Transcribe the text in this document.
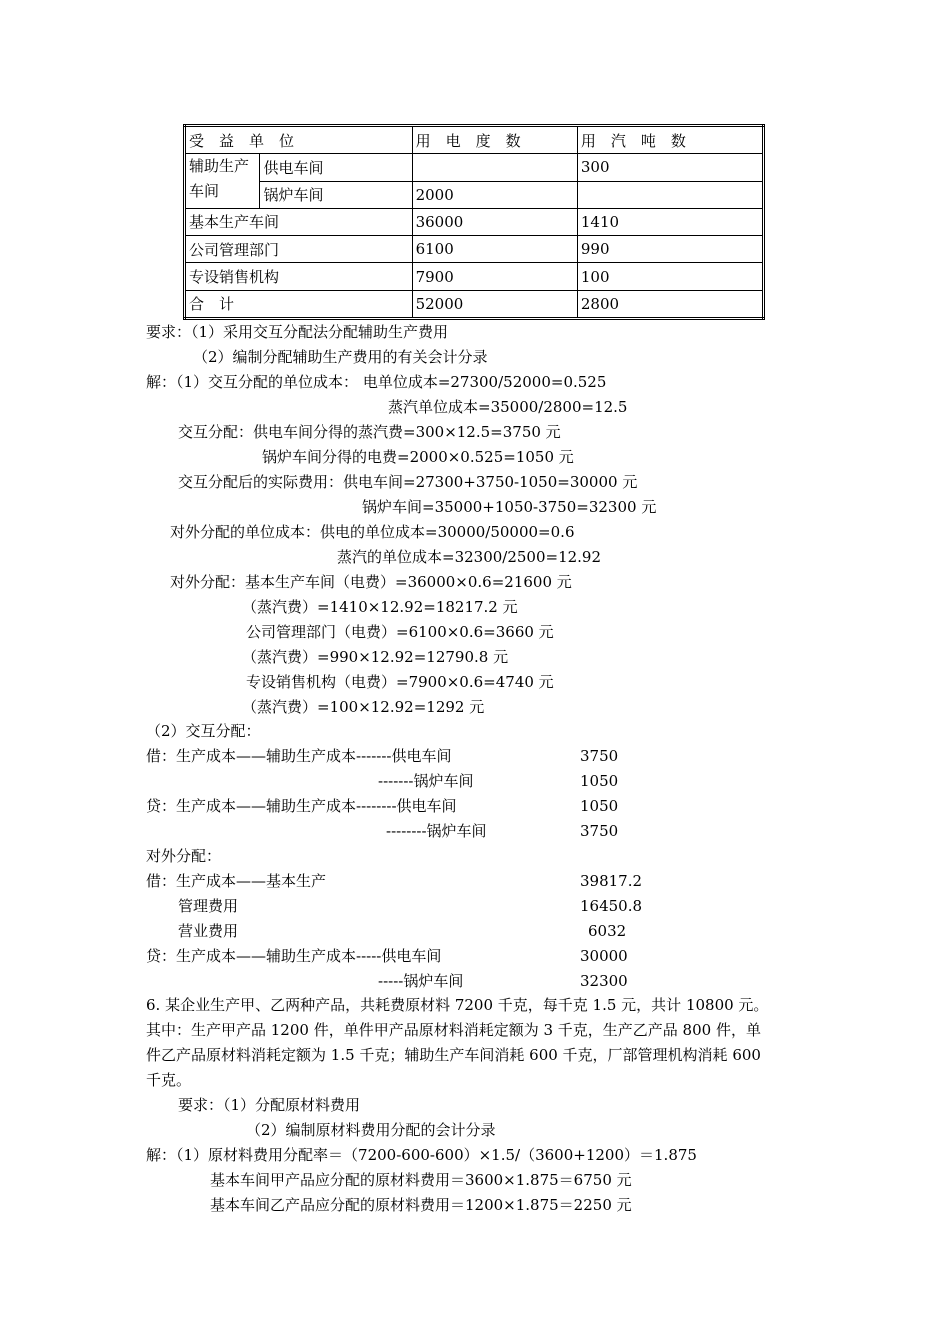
受　益　单　位		用　电　度　数	用　汽　吨　数
辅助生产车间	供电车间		300
	锅炉车间	2000	
基本生产车间		36000	1410
公司管理部门		6100	990
专设销售机构		7900	100
合　计		52000	2800
要求：（1）采用交互分配法分配辅助生产费用
（2）编制分配辅助生产费用的有关会计分录
解：（1）交互分配的单位成本： 电单位成本=27300/52000=0.525
蒸汽单位成本=35000/2800=12.5
交互分配：供电车间分得的蒸汽费=300×12.5=3750 元
锅炉车间分得的电费=2000×0.525=1050 元
交互分配后的实际费用：供电车间=27300+3750-1050=30000 元
锅炉车间=35000+1050-3750=32300 元
对外分配的单位成本：供电的单位成本=30000/50000=0.6
蒸汽的单位成本=32300/2500=12.92
对外分配：基本生产车间（电费）=36000×0.6=21600 元
（蒸汽费）=1410×12.92=18217.2 元
公司管理部门（电费）=6100×0.6=3660 元
（蒸汽费）=990×12.92=12790.8 元
专设销售机构（电费）=7900×0.6=4740 元
（蒸汽费）=100×12.92=1292 元
（2）交互分配：
借：生产成本——辅助生产成本-------供电车间	3750
-------锅炉车间	1050
贷：生产成本——辅助生产成本--------供电车间	1050
--------锅炉车间	3750
对外分配：
借：生产成本——基本生产	39817.2
管理费用	16450.8
营业费用	6032
贷：生产成本——辅助生产成本-----供电车间	30000
-----锅炉车间	32300
6. 某企业生产甲、乙两种产品，共耗费原材料 7200 千克，每千克 1.5 元，共计 10800 元。
其中：生产甲产品 1200 件，单件甲产品原材料消耗定额为 3 千克，生产乙产品 800 件，单
件乙产品原材料消耗定额为 1.5 千克；辅助生产车间消耗 600 千克，厂部管理机构消耗 600
千克。
要求：（1）分配原材料费用
（2）编制原材料费用分配的会计分录
解：（1）原材料费用分配率＝（7200-600-600）×1.5/（3600+1200）＝1.875
基本车间甲产品应分配的原材料费用＝3600×1.875＝6750 元
基本车间乙产品应分配的原材料费用＝1200×1.875＝2250 元
